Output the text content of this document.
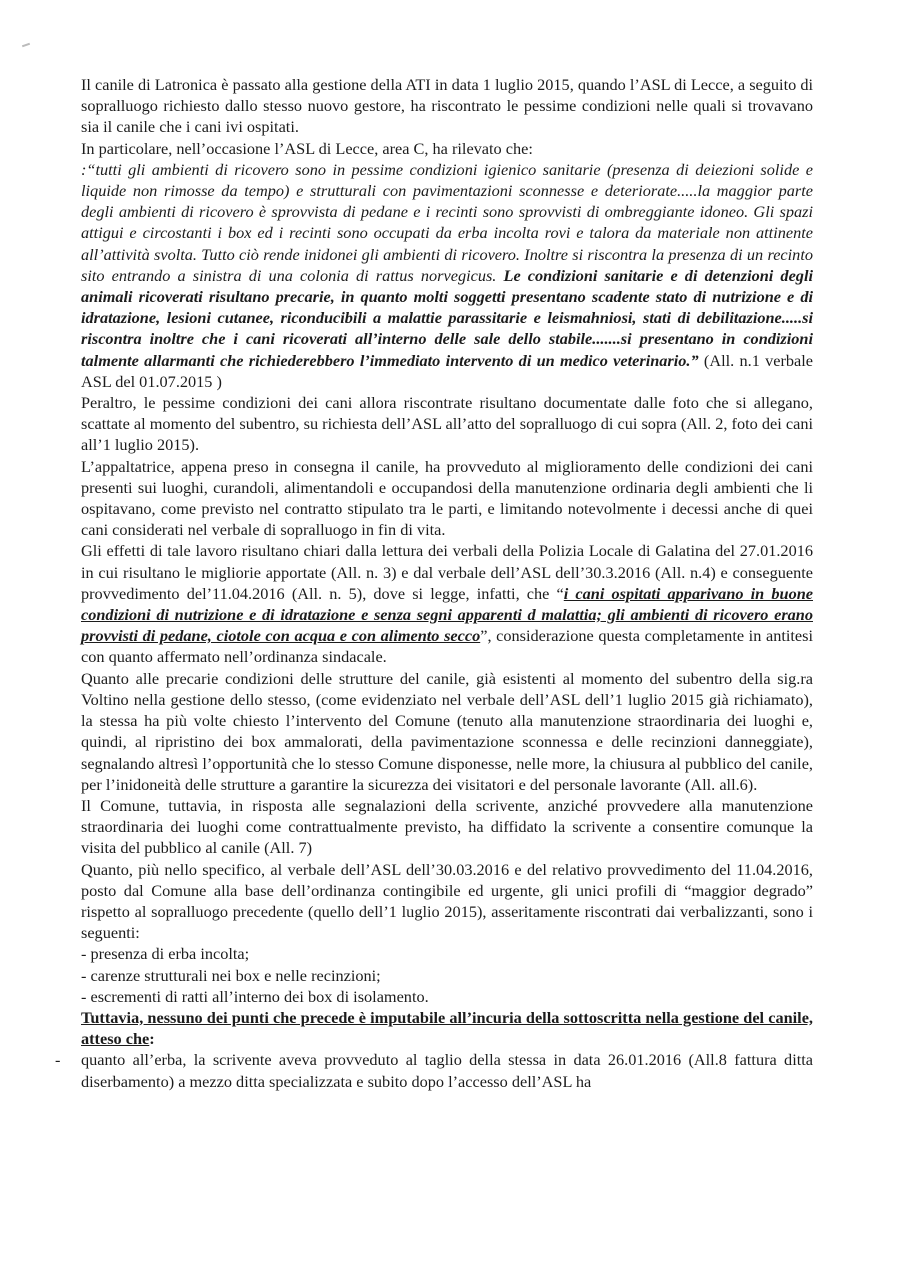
Il canile di Latronica è passato alla gestione della ATI in data 1 luglio 2015, quando l’ASL di Lecce, a seguito di sopralluogo richiesto dallo stesso nuovo gestore, ha riscontrato le pessime condizioni nelle quali si trovavano sia il canile che i cani ivi ospitati.

In particolare, nell’occasione l’ASL di Lecce, area C, ha rilevato che:

:“tutti gli ambienti di ricovero sono in pessime condizioni igienico sanitarie (presenza di deiezioni solide e liquide non rimosse da tempo) e strutturali con pavimentazioni sconnesse e deteriorate.....la maggior parte degli ambienti di ricovero è sprovvista di pedane e i recinti sono sprovvisti di ombreggiante idoneo. Gli spazi attigui e circostanti i box ed i recinti sono occupati da erba incolta rovi e talora da materiale non attinente all’attività svolta. Tutto ciò rende inidonei gli ambienti di ricovero. Inoltre si riscontra la presenza di un recinto sito entrando a sinistra di una colonia di rattus norvegicus. Le condizioni sanitarie e di detenzioni degli animali ricoverati risultano precarie, in quanto molti soggetti presentano scadente stato di nutrizione e di idratazione, lesioni cutanee, riconducibili a malattie parassitarie e leismahniosi, stati di debilitazione.....si riscontra inoltre che i cani ricoverati all’interno delle sale dello stabile.......si presentano in condizioni talmente allarmanti che richiederebbero l’immediato intervento di un medico veterinario.” (All. n.1 verbale ASL del 01.07.2015 )

Peraltro, le pessime condizioni dei cani allora riscontrate risultano documentate dalle foto che si allegano, scattate al momento del subentro, su richiesta dell’ASL all’atto del sopralluogo di cui sopra (All. 2, foto dei cani all’1 luglio 2015).

L’appaltatrice, appena preso in consegna il canile, ha provveduto al miglioramento delle condizioni dei cani presenti sui luoghi, curandoli, alimentandoli e occupandosi della manutenzione ordinaria degli ambienti che li ospitavano, come previsto nel contratto stipulato tra le parti, e limitando notevolmente i decessi anche di quei cani considerati nel verbale di sopralluogo in fin di vita.

Gli effetti di tale lavoro risultano chiari dalla lettura dei verbali della Polizia Locale di Galatina del 27.01.2016 in cui risultano le migliorie apportate (All. n. 3) e dal verbale dell’ASL dell’30.3.2016 (All. n.4) e conseguente provvedimento del’11.04.2016 (All. n. 5), dove si legge, infatti, che “i cani ospitati apparivano in buone condizioni di nutrizione e di idratazione e senza segni apparenti d malattia; gli ambienti di ricovero erano provvisti di pedane, ciotole con acqua e con alimento secco”, considerazione questa completamente in antitesi con quanto affermato nell’ordinanza sindacale.

Quanto alle precarie condizioni delle strutture del canile, già esistenti al momento del subentro della sig.ra Voltino nella gestione dello stesso, (come evidenziato nel verbale dell’ASL dell’1 luglio 2015 già richiamato), la stessa ha più volte chiesto l’intervento del Comune (tenuto alla manutenzione straordinaria dei luoghi e, quindi, al ripristino dei box ammalorati, della pavimentazione sconnessa e delle recinzioni danneggiate), segnalando altresì l’opportunità che lo stesso Comune disponesse, nelle more, la chiusura al pubblico del canile, per l’inidoneità delle strutture a garantire la sicurezza dei visitatori e del personale lavorante (All. all.6).

Il Comune, tuttavia, in risposta alle segnalazioni della scrivente, anziché provvedere alla manutenzione straordinaria dei luoghi come contrattualmente previsto, ha diffidato la scrivente a consentire comunque la visita del pubblico al canile (All. 7)

Quanto, più nello specifico, al verbale dell’ASL dell’30.03.2016 e del relativo provvedimento del 11.04.2016, posto dal Comune alla base dell’ordinanza contingibile ed urgente, gli unici profili di “maggior degrado” rispetto al sopralluogo precedente (quello dell’1 luglio 2015), asseritamente riscontrati dai verbalizzanti, sono i seguenti:

- presenza di erba incolta;

- carenze strutturali nei box e nelle recinzioni;

- escrementi di ratti all’interno dei box di isolamento.

Tuttavia, nessuno dei punti che precede è imputabile all’incuria della sottoscritta nella gestione del canile, atteso che:

- quanto all’erba, la scrivente aveva provveduto al taglio della stessa in data 26.01.2016 (All.8 fattura ditta diserbamento) a mezzo ditta specializzata e subito dopo l’accesso dell’ASL ha
